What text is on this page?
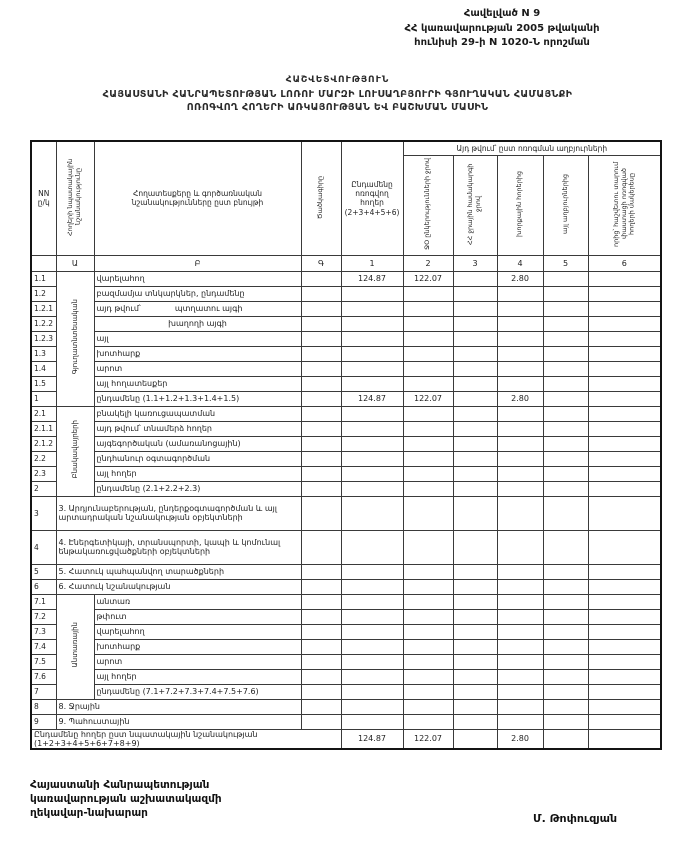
Հավելված N 9
ՀՀ կառավարության 2005 թվականի
հունիսի 29-ի N 1020-Ն որոշման
ՀԱՇՎԵՏՎՈՒԹՅՈՒՆ
ՀԱՅԱՍՏԱՆԻ ՀԱՆՐԱՊԵՏՈՒԹՅԱՆ ԼՈՌՈՒ ՄԱՐԶԻ ԼՈՒՍԱՂԲՅՈՒՐԻ ԳՅՈՒՂԱԿԱՆ ՀԱՄԱՅՆՔԻ
ՈՌՈԳՎՈՂ ՀՈՂԵՐԻ ԱՌԿԱՅՈՒԹՅԱՆ ԵՎ ԲԱՇԽՄԱՆ ՄԱՍԻՆ
NN ը/կ	Հողերի նպատակային նշանակությունը	Հողատեսքերը և գործառնական նշանակությունները ըստ բնույթի	Ծածկագիրը	Ընդամենը ոռոգվող հողեր (2+3+4+5+6)	Այդ թվում՝ ըստ ոռոգման աղբյուրների				
					ՋՕ ընկերությունների ջրով	ՀՀ ջրային համակարգի ջրով	խորքային հորերից	այլ աղբյուրներից	որից՝ հաշվետու տարում փաստացի ոռոգված հողերի մակերեսը
	Ա	Բ	Գ	1	2	3	4	5	6
1.1	Գյուղատնտեսական	վարելահող		124.87	122.07		2.80		
1.2		բազմամյա տնկարկներ, ընդամենը							
1.2.1		այդ թվում՝ պտղատու այգի							
1.2.2		խաղողի այգի							
1.2.3		այլ							
1.3		խոտհարք							
1.4		արոտ							
1.5		այլ հողատեսքեր							
1		ընդամենը (1.1+1.2+1.3+1.4+1.5)		124.87	122.07		2.80		
2.1	Բնակավայրերի	բնակելի կառուցապատման							
2.1.1		այդ թվում՝ տնամերձ հողեր							
2.1.2		այգեգործական (ամառանոցային)							
2.2		ընդհանուր օգտագործման							
2.3		այլ հողեր							
2		ընդամենը (2.1+2.2+2.3)							
3	3. Արդյունաբերության, ընդերքօգտագործման և այլ արտադրական նշանակության օբյեկտների								
4	4. Էներգետիկայի, տրանսպորտի, կապի և կոմունալ ենթակառուցվածքների օբյեկտների								
5	5. Հատուկ պահպանվող տարածքների								
6	6. Հատուկ նշանակության								
7.1	Անտառային	անտառ							
7.2		թփուտ							
7.3		վարելահող							
7.4		խոտհարք							
7.5		արոտ							
7.6		այլ հողեր							
7		ընդամենը (7.1+7.2+7.3+7.4+7.5+7.6)							
8	8. Ջրային								
9	9. Պահուստային								
Ընդամենը հողեր ըստ նպատակային նշանակության (1+2+3+4+5+6+7+8+9)				124.87	122.07		2.80		
Հայաստանի Հանրապետության
կառավարության աշխատակազմի
ղեկավար-նախարար	Մ. Թոփուզյան
